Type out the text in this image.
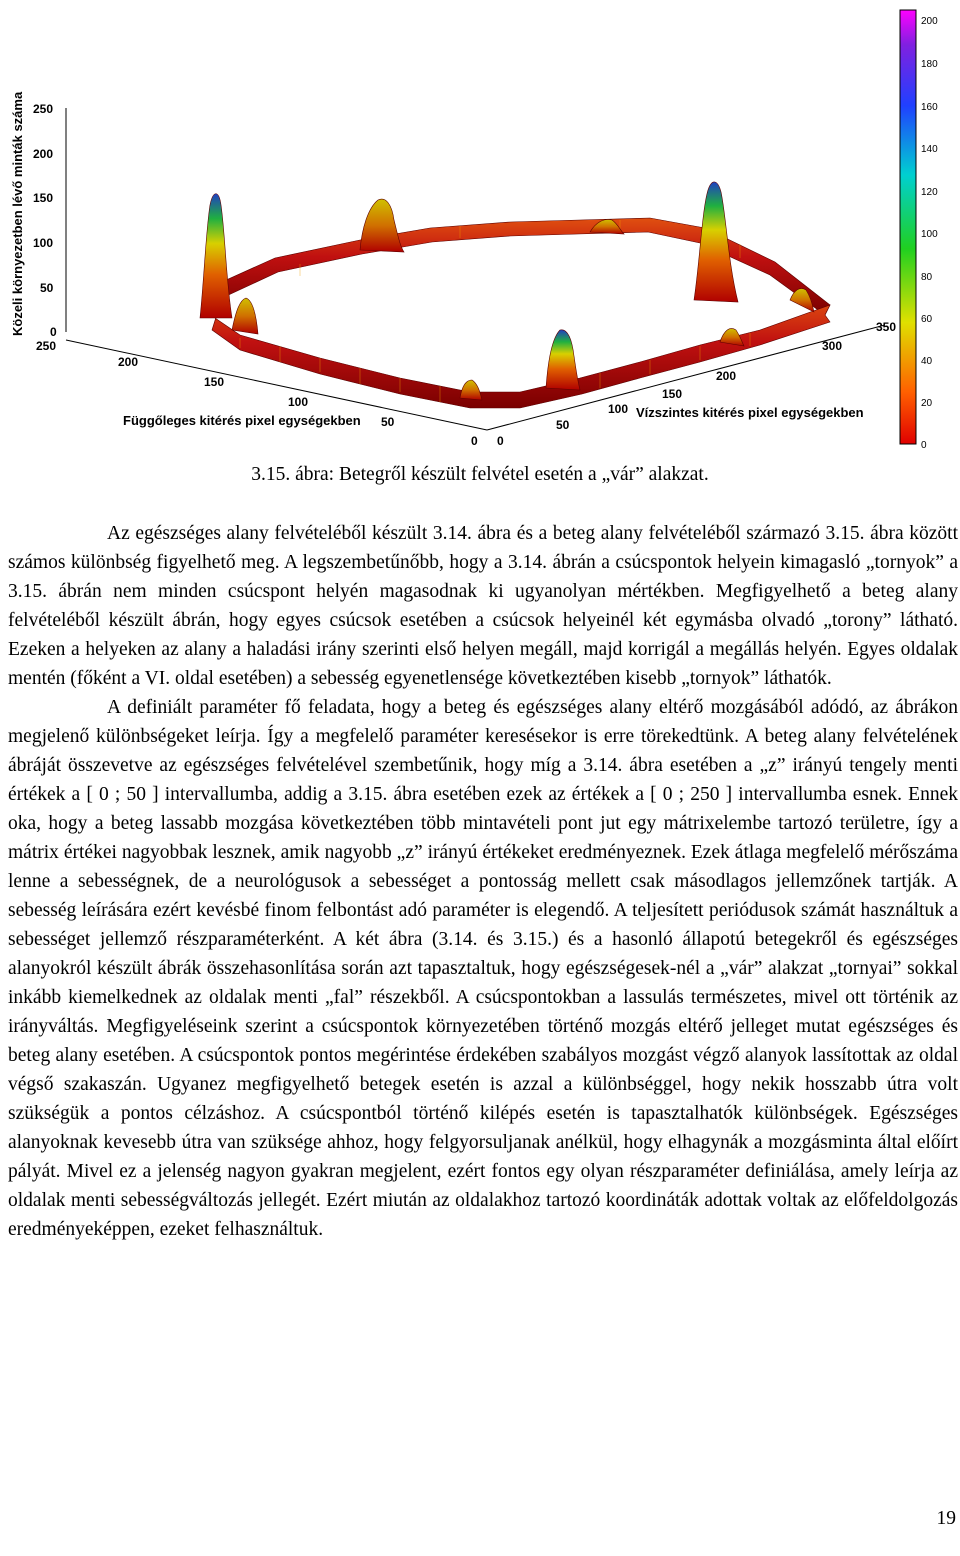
250
200
150
100
50
0
Közeli környezetben lévő minták száma
250
200
150
100
50
0
Függőleges kitérés pixel egységekben
0
50
100
150
200
300
350
Vízszintes kitérés pixel egységekben
200
180
160
140
120
100
80
60
40
20
0
3.15. ábra: Betegről készült felvétel esetén a „vár” alakzat.

Az egészséges alany felvételéből készült 3.14. ábra és a beteg alany felvételéből származó 3.15. ábra között számos különbség figyelhető meg. A legszembetűnőbb, hogy a 3.14. ábrán a csúcspontok helyein kimagasló „tornyok” a 3.15. ábrán nem minden csúcspont helyén magasodnak ki ugyanolyan mértékben. Megfigyelhető a beteg alany felvételéből készült ábrán, hogy egyes csúcsok esetében a csúcsok helyeinél két egymásba olvadó „torony” látható. Ezeken a helyeken az alany a haladási irány szerinti első helyen megáll, majd korrigál a megállás helyén. Egyes oldalak mentén (főként a VI. oldal esetében) a sebesség egyenetlensége következtében kisebb „tornyok” láthatók.

A definiált paraméter fő feladata, hogy a beteg és egészséges alany eltérő mozgásából adódó, az ábrákon megjelenő különbségeket leírja. Így a megfelelő paraméter keresésekor is erre törekedtünk. A beteg alany felvételének ábráját összevetve az egészséges felvételével szembetűnik, hogy míg a 3.14. ábra esetében a „z” irányú tengely menti értékek a [ 0 ; 50 ] intervallumba, addig a 3.15. ábra esetében ezek az értékek a [ 0 ; 250 ] intervallumba esnek. Ennek oka, hogy a beteg lassabb mozgása következtében több mintavételi pont jut egy mátrixelembe tartozó területre, így a mátrix értékei nagyobbak lesznek, amik nagyobb „z” irányú értékeket eredményeznek. Ezek átlaga megfelelő mérőszáma lenne a sebességnek, de a neurológusok a sebességet a pontosság mellett csak másodlagos jellemzőnek tartják. A sebesség leírására ezért kevésbé finom felbontást adó paraméter is elegendő. A teljesített periódusok számát használtuk a sebességet jellemző részparaméterként. A két ábra (3.14. és 3.15.) és a hasonló állapotú betegekről és egészséges alanyokról készült ábrák összehasonlítása során azt tapasztaltuk, hogy egészségesek-nél a „vár” alakzat „tornyai” sokkal inkább kiemelkednek az oldalak menti „fal” részekből. A csúcspontokban a lassulás természetes, mivel ott történik az irányváltás. Megfigyeléseink szerint a csúcspontok környezetében történő mozgás eltérő jelleget mutat egészséges és beteg alany esetében. A csúcspontok pontos megérintése érdekében szabályos mozgást végző alanyok lassítottak az oldal végső szakaszán. Ugyanez megfigyelhető betegek esetén is azzal a különbséggel, hogy nekik hosszabb útra volt szükségük a pontos célzáshoz. A csúcspontból történő kilépés esetén is tapasztalhatók különbségek. Egészséges alanyoknak kevesebb útra van szüksége ahhoz, hogy felgyorsuljanak anélkül, hogy elhagynák a mozgásminta által előírt pályát. Mivel ez a jelenség nagyon gyakran megjelent, ezért fontos egy olyan részparaméter definiálása, amely leírja az oldalak menti sebességváltozás jellegét. Ezért miután az oldalakhoz tartozó koordináták adottak voltak az előfeldolgozás eredményeképpen, ezeket felhasználtuk.

19
